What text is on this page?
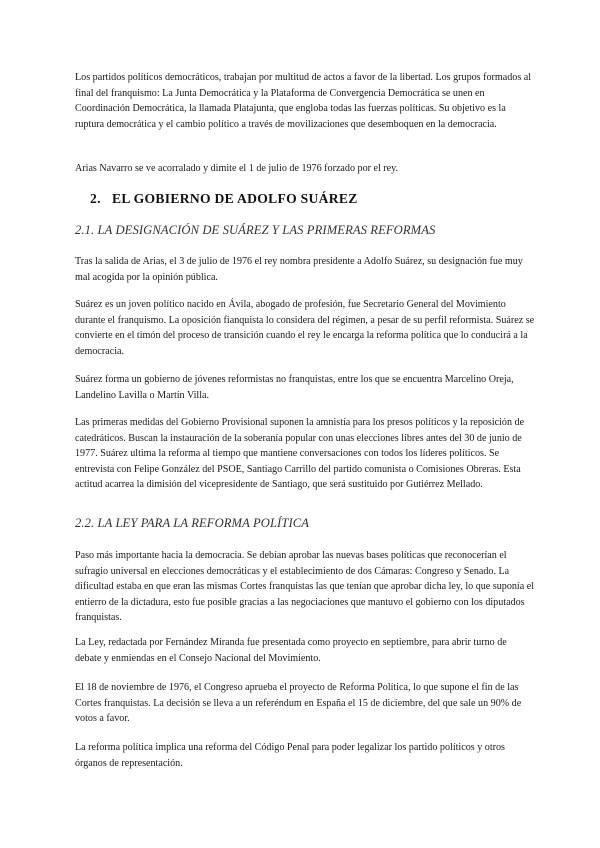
Los partidos políticos democráticos, trabajan por multitud de actos a favor de la libertad. Los grupos formados al final del franquismo: La Junta Democrática y la Plataforma de Convergencia Democrática se unen en Coordinación Democrática, la llamada Platajunta, que engloba todas las fuerzas políticas. Su objetivo es la ruptura democrática y el cambio político a través de movilizaciones que desemboquen en la democracia.

Arias Navarro se ve acorralado y dimite el 1 de julio de 1976 forzado por el rey.

2. EL GOBIERNO DE ADOLFO SUÁREZ
2.1. LA DESIGNACIÓN DE SUÁREZ Y LAS PRIMERAS REFORMAS

Tras la salida de Arias, el 3 de julio de 1976 el rey nombra presidente a Adolfo Suárez, su designación fue muy mal acogida por la opinión pública.

Suárez es un joven político nacido en Ávila, abogado de profesión, fue Secretario General del Movimiento durante el franquismo. La oposición fianquista lo considera del régimen, a pesar de su perfil reformista. Suárez se convierte en el timón del proceso de transición cuando el rey le encarga la reforma política que lo conducirá a la democracia.

Suárez forma un gobierno de jóvenes reformistas no franquistas, entre los que se encuentra Marcelino Oreja, Landelino Lavilla o Martín Villa.

Las primeras medidas del Gobierno Provisional suponen la amnistía para los presos políticos y la reposición de catedráticos. Buscan la instauración de la soberanía popular con unas elecciones libres antes del 30 de junio de 1977. Suárez ultima la reforma al tiempo que mantiene conversaciones con todos los líderes políticos. Se entrevista con Felipe González del PSOE, Santiago Carrillo del partido comunista o Comisiones Obreras. Esta actitud acarrea la dimisión del vicepresidente de Santiago, que será sustituido por Gutiérrez Mellado.

2.2. LA LEY PARA LA REFORMA POLÍTICA

Paso más importante hacia la democracia. Se debían aprobar las nuevas bases políticas que reconocerían el sufragio universal en elecciones democráticas y el establecimiento de dos Cámaras: Congreso y Senado. La dificultad estaba en que eran las mismas Cortes franquistas las que tenían que aprobar dicha ley, lo que suponía el entierro de la dictadura, esto fue posible gracias a las negociaciones que mantuvo el gobierno con los diputados franquistas.

La Ley, redactada por Fernández Miranda fue presentada como proyecto en septiembre, para abrir turno de debate y enmiendas en el Consejo Nacional del Movimiento.

El 18 de noviembre de 1976, el Congreso aprueba el proyecto de Reforma Política, lo que supone el fin de las Cortes franquistas. La decisión se lleva a un referéndum en España el 15 de diciembre, del que sale un 90% de votos a favor.

La reforma política implica una reforma del Código Penal para poder legalizar los partido políticos y otros órganos de representación.
